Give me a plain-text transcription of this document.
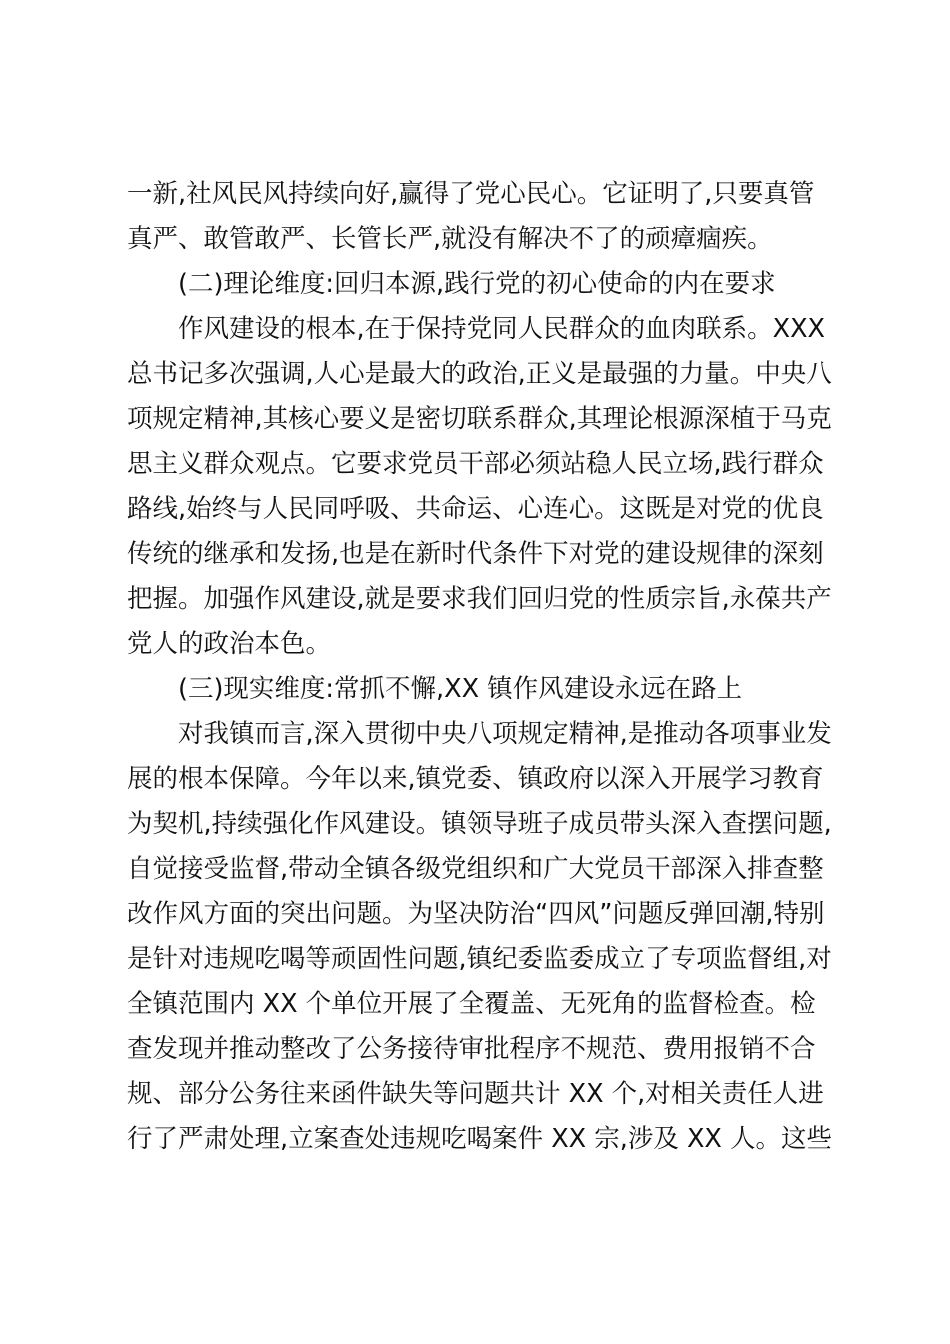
一新,社风民风持续向好,赢得了党心民心。它证明了,只要真管
真严、敢管敢严、长管长严,就没有解决不了的顽瘴痼疾。
(二)理论维度:回归本源,践行党的初心使命的内在要求
作风建设的根本,在于保持党同人民群众的血肉联系。XXX
总书记多次强调,人心是最大的政治,正义是最强的力量。中央八
项规定精神,其核心要义是密切联系群众,其理论根源深植于马克
思主义群众观点。它要求党员干部必须站稳人民立场,践行群众
路线,始终与人民同呼吸、共命运、心连心。这既是对党的优良
传统的继承和发扬,也是在新时代条件下对党的建设规律的深刻
把握。加强作风建设,就是要求我们回归党的性质宗旨,永葆共产
党人的政治本色。
(三)现实维度:常抓不懈,XX 镇作风建设永远在路上
对我镇而言,深入贯彻中央八项规定精神,是推动各项事业发
展的根本保障。今年以来,镇党委、镇政府以深入开展学习教育
为契机,持续强化作风建设。镇领导班子成员带头深入查摆问题,
自觉接受监督,带动全镇各级党组织和广大党员干部深入排查整
改作风方面的突出问题。为坚决防治“四风”问题反弹回潮,特别
是针对违规吃喝等顽固性问题,镇纪委监委成立了专项监督组,对
全镇范围内 XX 个单位开展了全覆盖、无死角的监督检查。检
查发现并推动整改了公务接待审批程序不规范、费用报销不合
规、部分公务往来函件缺失等问题共计 XX 个,对相关责任人进
行了严肃处理,立案查处违规吃喝案件 XX 宗,涉及 XX 人。这些
